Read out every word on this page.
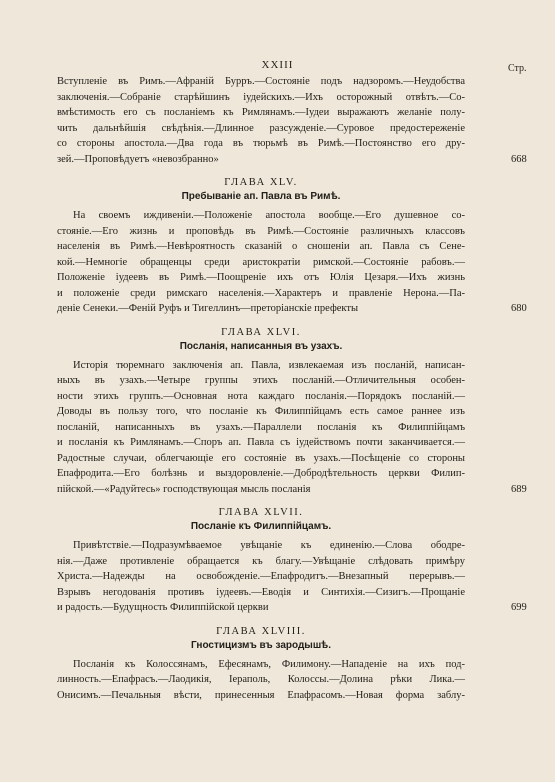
XXIII	Стр.
Вступленіе въ Римъ.—Афраній Бурръ.—Состояніе подъ надзоромъ.—Неудобства
заключенія.—Собраніе старѣйшинъ іудейскихъ.—Ихъ осторожный отвѣтъ.—Со-
вмѣстимость его съ посланіемъ къ Римлянамъ.—Іудеи выражаютъ желаніе полу-
чить дальнѣйшія свѣдѣнія.—Длинное разсужденіе.—Суровое предостереженіе
со стороны апостола.—Два года въ тюрьмѣ въ Римѣ.—Постоянство его дру-
зей.—Проповѣдуетъ «невозбранно»	668
ГЛАВА XLV.
Пребываніе ап. Павла въ Римѣ.
На своемъ иждивеніи.—Положеніе апостола вообще.—Его душевное со-
стояніе.—Его жизнь и проповѣдь въ Римѣ.—Состояніе различныхъ классовъ
населенія въ Римѣ.—Невѣроятность сказаній о сношеніи ап. Павла съ Сене-
кой.—Немногіе обращенцы среди аристократіи римской.—Состояніе рабовъ.—
Положеніе іудеевъ въ Римѣ.—Поощреніе ихъ отъ Юлія Цезаря.—Ихъ жизнь
и положеніе среди римскаго населенія.—Характеръ и правленіе Нерона.—Па-
деніе Сенеки.—Феній Руфъ и Тигеллинъ—преторіанскіе префекты	680
ГЛАВА XLVI.
Посланія, написанныя въ узахъ.
Исторія тюремнаго заключенія ап. Павла, извлекаемая изъ посланій, написан-
ныхъ въ узахъ.—Четыре группы этихъ посланій.—Отличительныя особен-
ности этихъ группъ.—Основная нота каждаго посланія.—Порядокъ посланій.—
Доводы въ пользу того, что посланіе къ Филиппійцамъ есть самое раннее изъ
посланій, написанныхъ въ узахъ.—Параллели посланія къ Филиппійцамъ
и посланія къ Римлянамъ.—Споръ ап. Павла съ іудействомъ почти заканчивается.—
Радостные случаи, облегчающіе его состояніе въ узахъ.—Посѣщеніе со стороны
Епафродита.—Его болѣзнь и выздоровленіе.—Добродѣтельность церкви Филип-
пійской.—«Радуйтесь» господствующая мысль посланія	689
ГЛАВА XLVII.
Посланіе къ Филиппійцамъ.
Привѣтствіе.—Подразумѣваемое увѣщаніе къ единенію.—Слова ободре-
нія.—Даже противленіе обращается къ благу.—Увѣщаніе слѣдовать примѣру
Христа.—Надежды на освобожденіе.—Епафродитъ.—Внезапный перерывъ.—
Взрывъ негодованія противъ іудеевъ.—Еводія и Синтихія.—Сизигъ.—Прощаніе
и радость.—Будущность Филиппійской церкви	699
ГЛАВА XLVIII.
Гностицизмъ въ зародышѣ.
Посланія къ Колоссянамъ, Ефесянамъ, Филимону.—Нападеніе на ихъ под-
линность.—Епафрасъ.—Лаодикія, Іераполь, Колоссы.—Долина рѣки Лика.—
Онисимъ.—Печальныя вѣсти, принесенныя Епафрасомъ.—Новая форма заблу-
